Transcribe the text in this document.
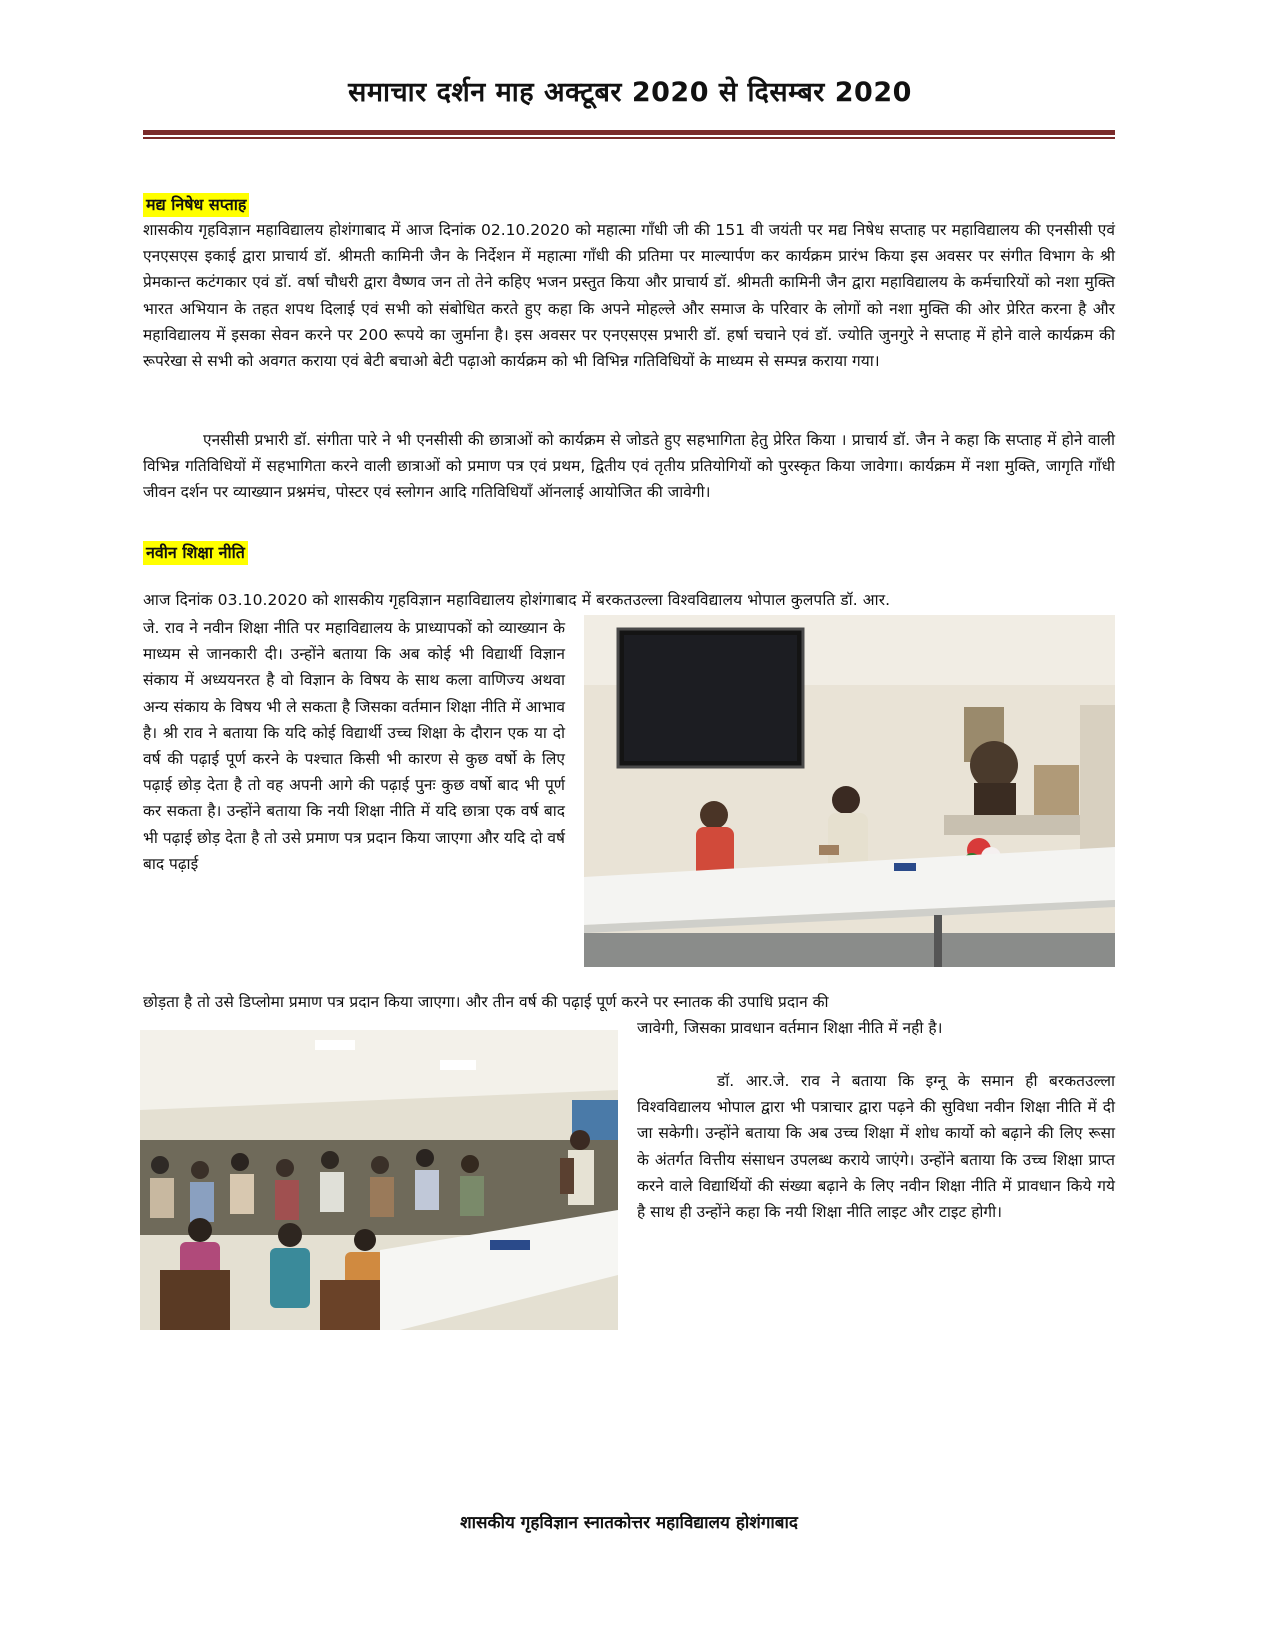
समाचार दर्शन माह अक्टूबर 2020 से दिसम्बर 2020
मद्य निषेध सप्ताह

शासकीय गृहविज्ञान महाविद्यालय होशंगाबाद में आज दिनांक 02.10.2020 को महात्मा गाँधी जी की 151 वी जयंती पर मद्य निषेध सप्ताह पर महाविद्यालय की एनसीसी एवं एनएसएस इकाई द्वारा प्राचार्य डॉ. श्रीमती कामिनी जैन के निर्देशन में महात्मा गाँधी की प्रतिमा पर माल्यार्पण कर कार्यक्रम प्रारंभ किया इस अवसर पर संगीत विभाग के श्री प्रेमकान्त कटंगकार एवं डॉ. वर्षा चौधरी द्वारा वैष्णव जन तो तेने कहिए भजन प्रस्तुत किया और प्राचार्य डॉ. श्रीमती कामिनी जैन द्वारा महाविद्यालय के कर्मचारियों को नशा मुक्ति भारत अभियान के तहत शपथ दिलाई एवं सभी को संबोधित करते हुए कहा कि अपने मोहल्ले और समाज के परिवार के लोगों को नशा मुक्ति की ओर प्रेरित करना है और महाविद्यालय में इसका सेवन करने पर 200 रूपये का जुर्माना है। इस अवसर पर एनएसएस प्रभारी डॉ. हर्षा चचाने एवं डॉ. ज्योति जुनगुरे ने सप्ताह में होने वाले कार्यक्रम की रूपरेखा से सभी को अवगत कराया एवं बेटी बचाओ बेटी पढ़ाओ कार्यक्रम को भी विभिन्न गतिविधियों के माध्यम से सम्पन्न कराया गया।

एनसीसी प्रभारी डॉ. संगीता पारे ने भी एनसीसी की छात्राओं को कार्यक्रम से जोडते हुए सहभागिता हेतु प्रेरित किया । प्राचार्य डॉ. जैन ने कहा कि सप्ताह में होने वाली विभिन्न गतिविधियों में सहभागिता करने वाली छात्राओं को प्रमाण पत्र एवं प्रथम, द्वितीय एवं तृतीय प्रतियोगियों को पुरस्कृत किया जावेगा। कार्यक्रम में नशा मुक्ति, जागृति गाँधी जीवन दर्शन पर व्याख्यान प्रश्नमंच, पोस्टर एवं स्लोगन आदि गतिविधियाँ ऑनलाई आयोजित की जावेगी।

नवीन शिक्षा नीति

आज दिनांक 03.10.2020 को शासकीय गृहविज्ञान महाविद्यालय होशंगाबाद में बरकतउल्ला विश्वविद्यालय भोपाल कुलपति डॉ. आर.

जे. राव ने नवीन शिक्षा नीति पर महाविद्यालय के प्राध्यापकों को व्याख्यान के माध्यम से जानकारी दी। उन्होंने बताया कि अब कोई भी विद्यार्थी विज्ञान संकाय में अध्ययनरत है वो विज्ञान के विषय के साथ कला वाणिज्य अथवा अन्य संकाय के विषय भी ले सकता है जिसका वर्तमान शिक्षा नीति में आभाव है। श्री राव ने बताया कि यदि कोई विद्यार्थी उच्च शिक्षा के दौरान एक या दो वर्ष की पढ़ाई पूर्ण करने के पश्चात किसी भी कारण से कुछ वर्षो के लिए पढ़ाई छोड़ देता है तो वह अपनी आगे की पढ़ाई पुनः कुछ वर्षो बाद भी पूर्ण कर सकता है। उन्होंने बताया कि नयी शिक्षा नीति में यदि छात्रा एक वर्ष बाद भी पढ़ाई छोड़ देता है तो उसे प्रमाण पत्र प्रदान किया जाएगा और यदि दो वर्ष बाद पढ़ाई

छोड़ता है तो उसे डिप्लोमा प्रमाण पत्र प्रदान किया जाएगा। और तीन वर्ष की पढ़ाई पूर्ण करने पर स्नातक की उपाधि प्रदान की

जावेगी, जिसका प्रावधान वर्तमान शिक्षा नीति में नही है।

डॉ. आर.जे. राव ने बताया कि इग्नू के समान ही बरकतउल्ला विश्वविद्यालय भोपाल द्वारा भी पत्राचार द्वारा पढ़ने की सुविधा नवीन शिक्षा नीति में दी जा सकेगी। उन्होंने बताया कि अब उच्च शिक्षा में शोध कार्यो को बढ़ाने की लिए रूसा के अंतर्गत वित्तीय संसाधन उपलब्ध कराये जाएंगे। उन्होंने बताया कि उच्च शिक्षा प्राप्त करने वाले विद्यार्थियों की संख्या बढ़ाने के लिए नवीन शिक्षा नीति में प्रावधान किये गये है साथ ही उन्होंने कहा कि नयी शिक्षा नीति लाइट और टाइट होगी।

शासकीय गृहविज्ञान स्नातकोत्तर महाविद्यालय होशंगाबाद
